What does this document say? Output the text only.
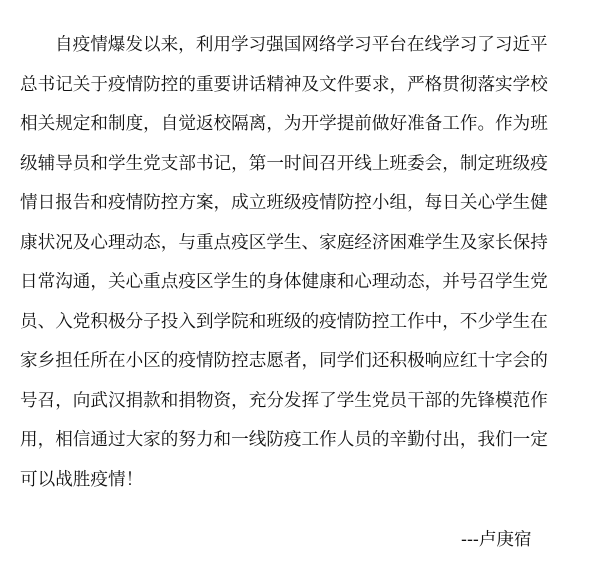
自疫情爆发以来，利用学习强国网络学习平台在线学习了习近平
总书记关于疫情防控的重要讲话精神及文件要求，严格贯彻落实学校
相关规定和制度，自觉返校隔离，为开学提前做好准备工作。作为班
级辅导员和学生党支部书记，第一时间召开线上班委会，制定班级疫
情日报告和疫情防控方案，成立班级疫情防控小组，每日关心学生健
康状况及心理动态，与重点疫区学生、家庭经济困难学生及家长保持
日常沟通，关心重点疫区学生的身体健康和心理动态，并号召学生党
员、入党积极分子投入到学院和班级的疫情防控工作中，不少学生在
家乡担任所在小区的疫情防控志愿者，同学们还积极响应红十字会的
号召，向武汉捐款和捐物资，充分发挥了学生党员干部的先锋模范作
用，相信通过大家的努力和一线防疫工作人员的辛勤付出，我们一定
可以战胜疫情！
---卢庚宿
